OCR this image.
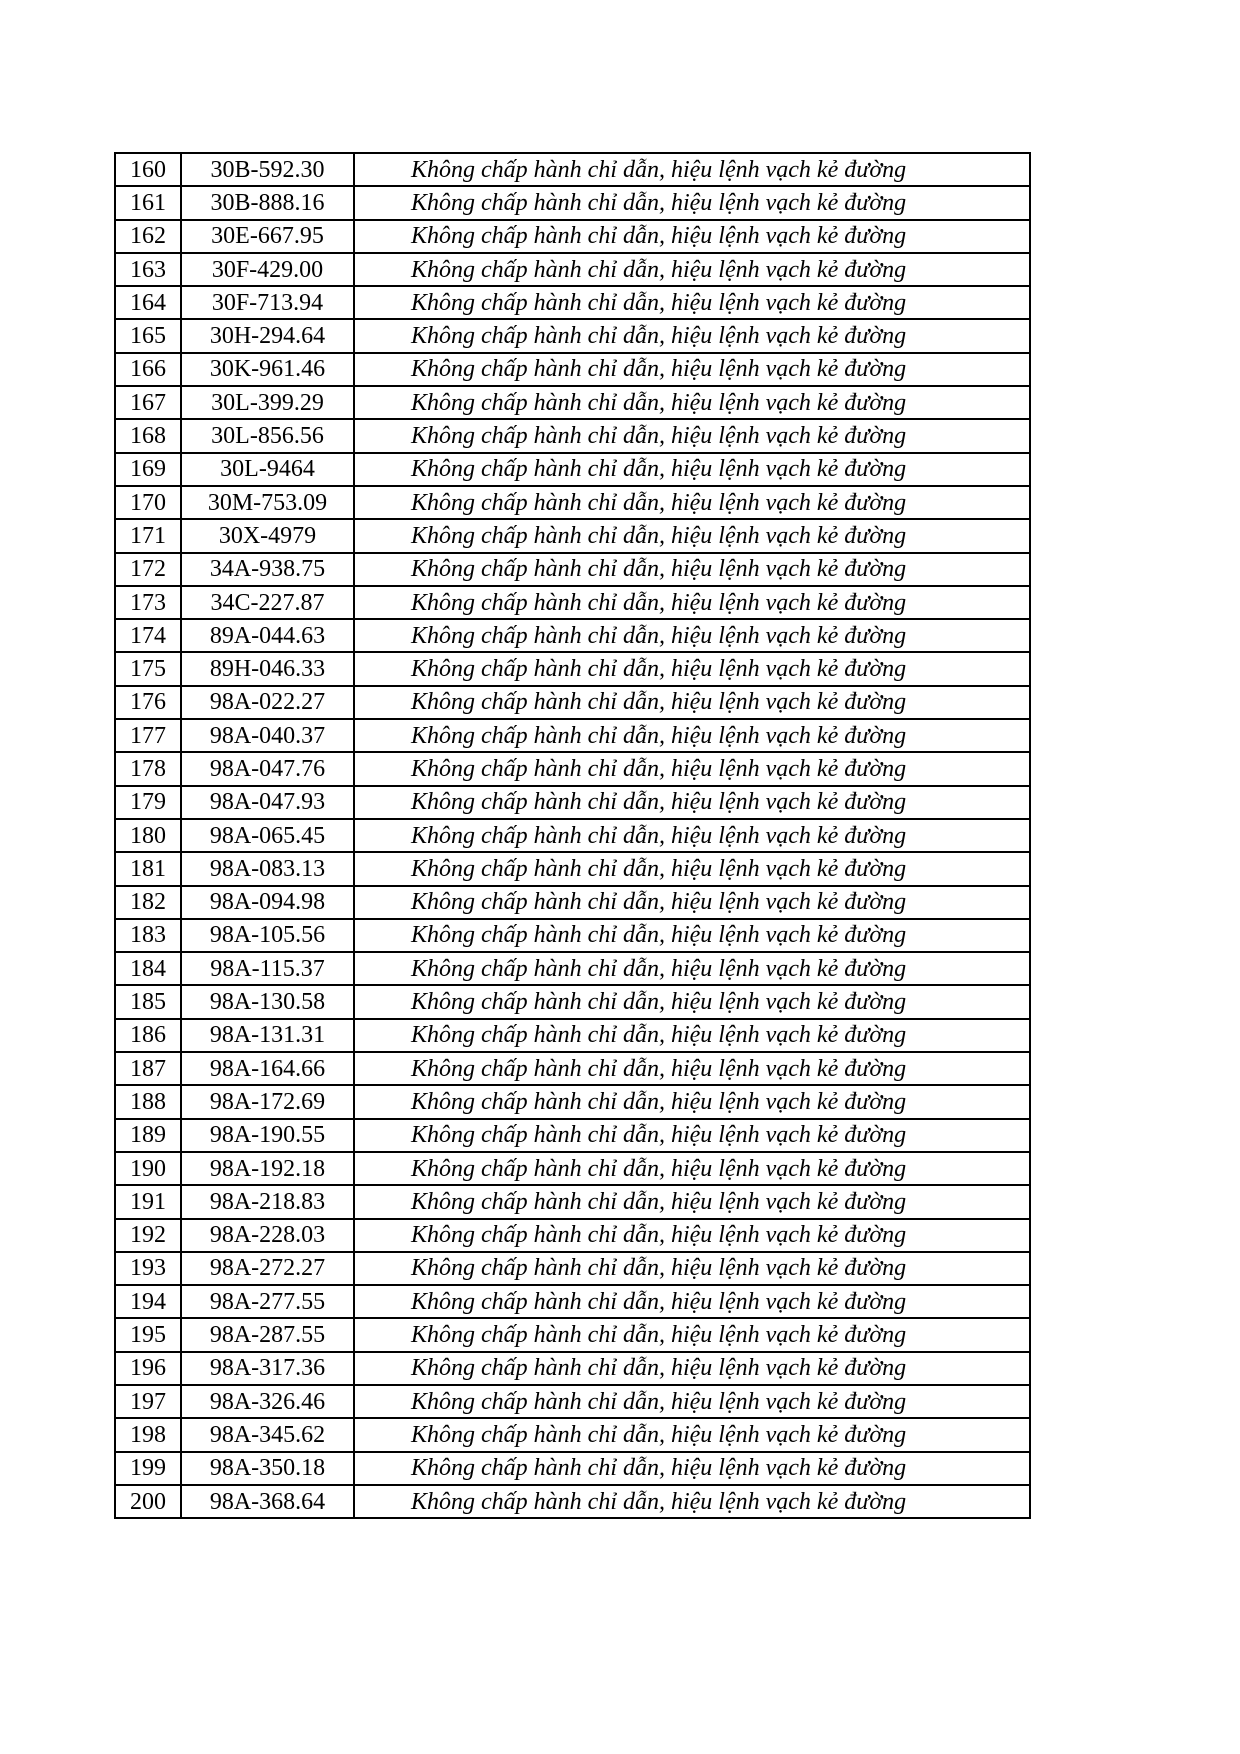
160	30B-592.30	Không chấp hành chỉ dẫn, hiệu lệnh vạch kẻ đường
161	30B-888.16	Không chấp hành chỉ dẫn, hiệu lệnh vạch kẻ đường
162	30E-667.95	Không chấp hành chỉ dẫn, hiệu lệnh vạch kẻ đường
163	30F-429.00	Không chấp hành chỉ dẫn, hiệu lệnh vạch kẻ đường
164	30F-713.94	Không chấp hành chỉ dẫn, hiệu lệnh vạch kẻ đường
165	30H-294.64	Không chấp hành chỉ dẫn, hiệu lệnh vạch kẻ đường
166	30K-961.46	Không chấp hành chỉ dẫn, hiệu lệnh vạch kẻ đường
167	30L-399.29	Không chấp hành chỉ dẫn, hiệu lệnh vạch kẻ đường
168	30L-856.56	Không chấp hành chỉ dẫn, hiệu lệnh vạch kẻ đường
169	30L-9464	Không chấp hành chỉ dẫn, hiệu lệnh vạch kẻ đường
170	30M-753.09	Không chấp hành chỉ dẫn, hiệu lệnh vạch kẻ đường
171	30X-4979	Không chấp hành chỉ dẫn, hiệu lệnh vạch kẻ đường
172	34A-938.75	Không chấp hành chỉ dẫn, hiệu lệnh vạch kẻ đường
173	34C-227.87	Không chấp hành chỉ dẫn, hiệu lệnh vạch kẻ đường
174	89A-044.63	Không chấp hành chỉ dẫn, hiệu lệnh vạch kẻ đường
175	89H-046.33	Không chấp hành chỉ dẫn, hiệu lệnh vạch kẻ đường
176	98A-022.27	Không chấp hành chỉ dẫn, hiệu lệnh vạch kẻ đường
177	98A-040.37	Không chấp hành chỉ dẫn, hiệu lệnh vạch kẻ đường
178	98A-047.76	Không chấp hành chỉ dẫn, hiệu lệnh vạch kẻ đường
179	98A-047.93	Không chấp hành chỉ dẫn, hiệu lệnh vạch kẻ đường
180	98A-065.45	Không chấp hành chỉ dẫn, hiệu lệnh vạch kẻ đường
181	98A-083.13	Không chấp hành chỉ dẫn, hiệu lệnh vạch kẻ đường
182	98A-094.98	Không chấp hành chỉ dẫn, hiệu lệnh vạch kẻ đường
183	98A-105.56	Không chấp hành chỉ dẫn, hiệu lệnh vạch kẻ đường
184	98A-115.37	Không chấp hành chỉ dẫn, hiệu lệnh vạch kẻ đường
185	98A-130.58	Không chấp hành chỉ dẫn, hiệu lệnh vạch kẻ đường
186	98A-131.31	Không chấp hành chỉ dẫn, hiệu lệnh vạch kẻ đường
187	98A-164.66	Không chấp hành chỉ dẫn, hiệu lệnh vạch kẻ đường
188	98A-172.69	Không chấp hành chỉ dẫn, hiệu lệnh vạch kẻ đường
189	98A-190.55	Không chấp hành chỉ dẫn, hiệu lệnh vạch kẻ đường
190	98A-192.18	Không chấp hành chỉ dẫn, hiệu lệnh vạch kẻ đường
191	98A-218.83	Không chấp hành chỉ dẫn, hiệu lệnh vạch kẻ đường
192	98A-228.03	Không chấp hành chỉ dẫn, hiệu lệnh vạch kẻ đường
193	98A-272.27	Không chấp hành chỉ dẫn, hiệu lệnh vạch kẻ đường
194	98A-277.55	Không chấp hành chỉ dẫn, hiệu lệnh vạch kẻ đường
195	98A-287.55	Không chấp hành chỉ dẫn, hiệu lệnh vạch kẻ đường
196	98A-317.36	Không chấp hành chỉ dẫn, hiệu lệnh vạch kẻ đường
197	98A-326.46	Không chấp hành chỉ dẫn, hiệu lệnh vạch kẻ đường
198	98A-345.62	Không chấp hành chỉ dẫn, hiệu lệnh vạch kẻ đường
199	98A-350.18	Không chấp hành chỉ dẫn, hiệu lệnh vạch kẻ đường
200	98A-368.64	Không chấp hành chỉ dẫn, hiệu lệnh vạch kẻ đường
